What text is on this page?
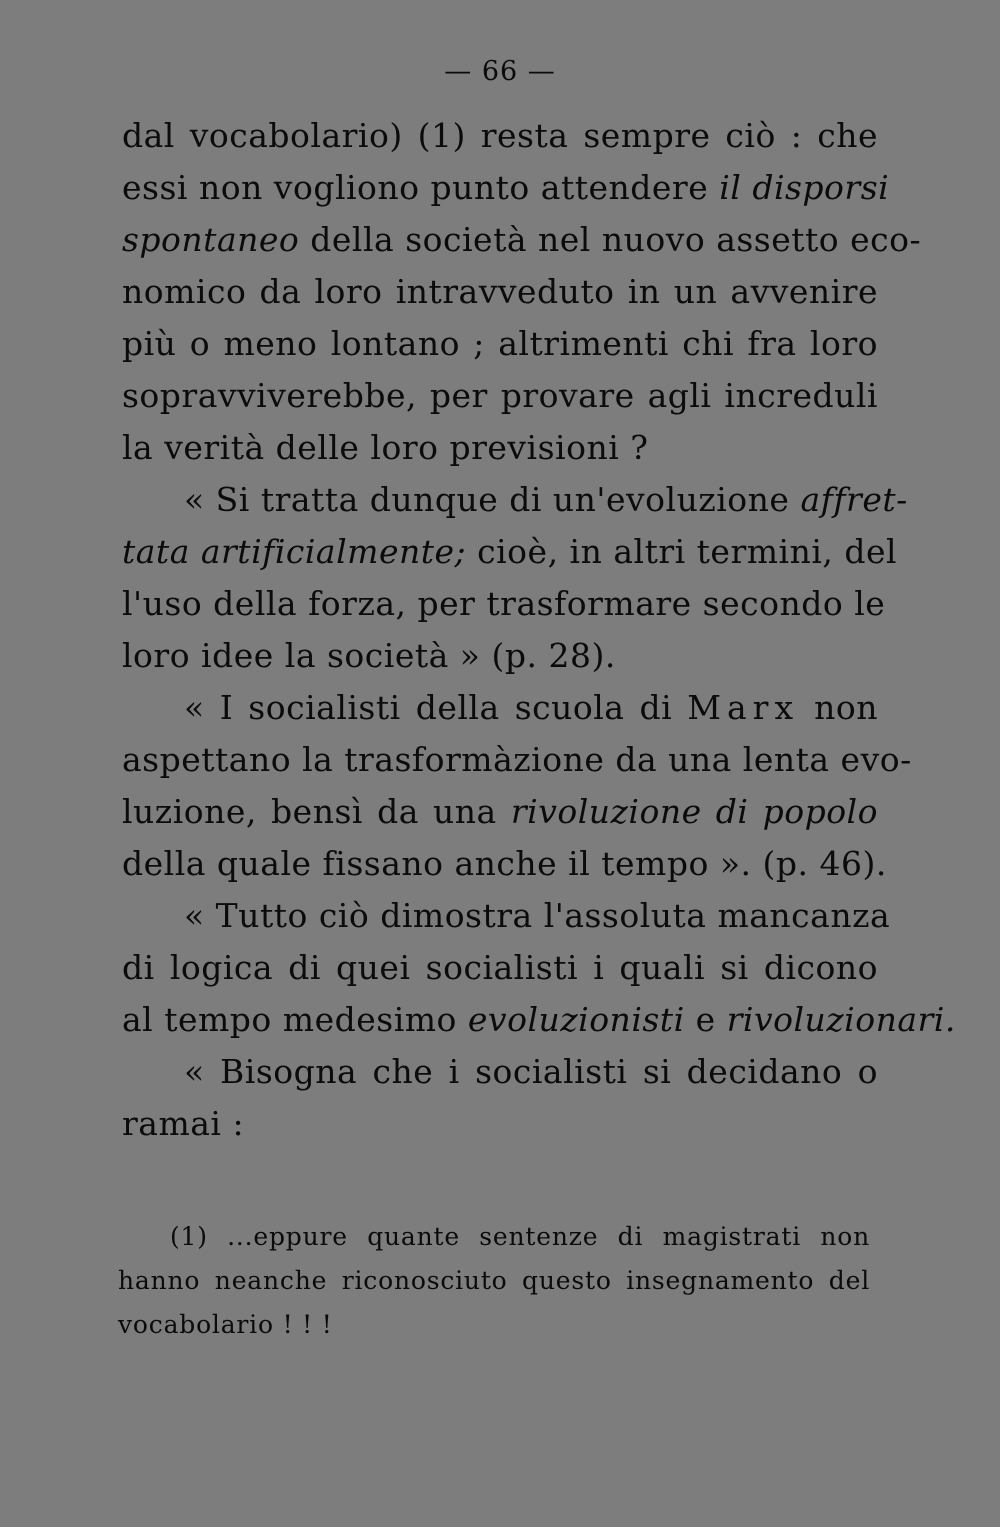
— 66 —
dal vocabolario) (1) resta sempre ciò : che
essi non vogliono punto attendere il disporsi
spontaneo della società nel nuovo assetto eco-
nomico da loro intravveduto in un avvenire
più o meno lontano ; altrimenti chi fra loro
sopravviverebbe, per provare agli increduli
la verità delle loro previsioni ?
« Si tratta dunque di un'evoluzione affret-
tata artificialmente; cioè, in altri termini, del
l'uso della forza, per trasformare secondo le
loro idee la società » (p. 28).
« I socialisti della scuola di Marx non
aspettano la trasformàzione da una lenta evo-
luzione, bensì da una rivoluzione di popolo
della quale fissano anche il tempo ». (p. 46).
« Tutto ciò dimostra l'assoluta mancanza
di logica di quei socialisti i quali si dicono
al tempo medesimo evoluzionisti e rivoluzionari.
« Bisogna che i socialisti si decidano o
ramai :
(1) ...eppure quante sentenze di magistrati non
hanno neanche riconosciuto questo insegnamento del
vocabolario ! ! !
